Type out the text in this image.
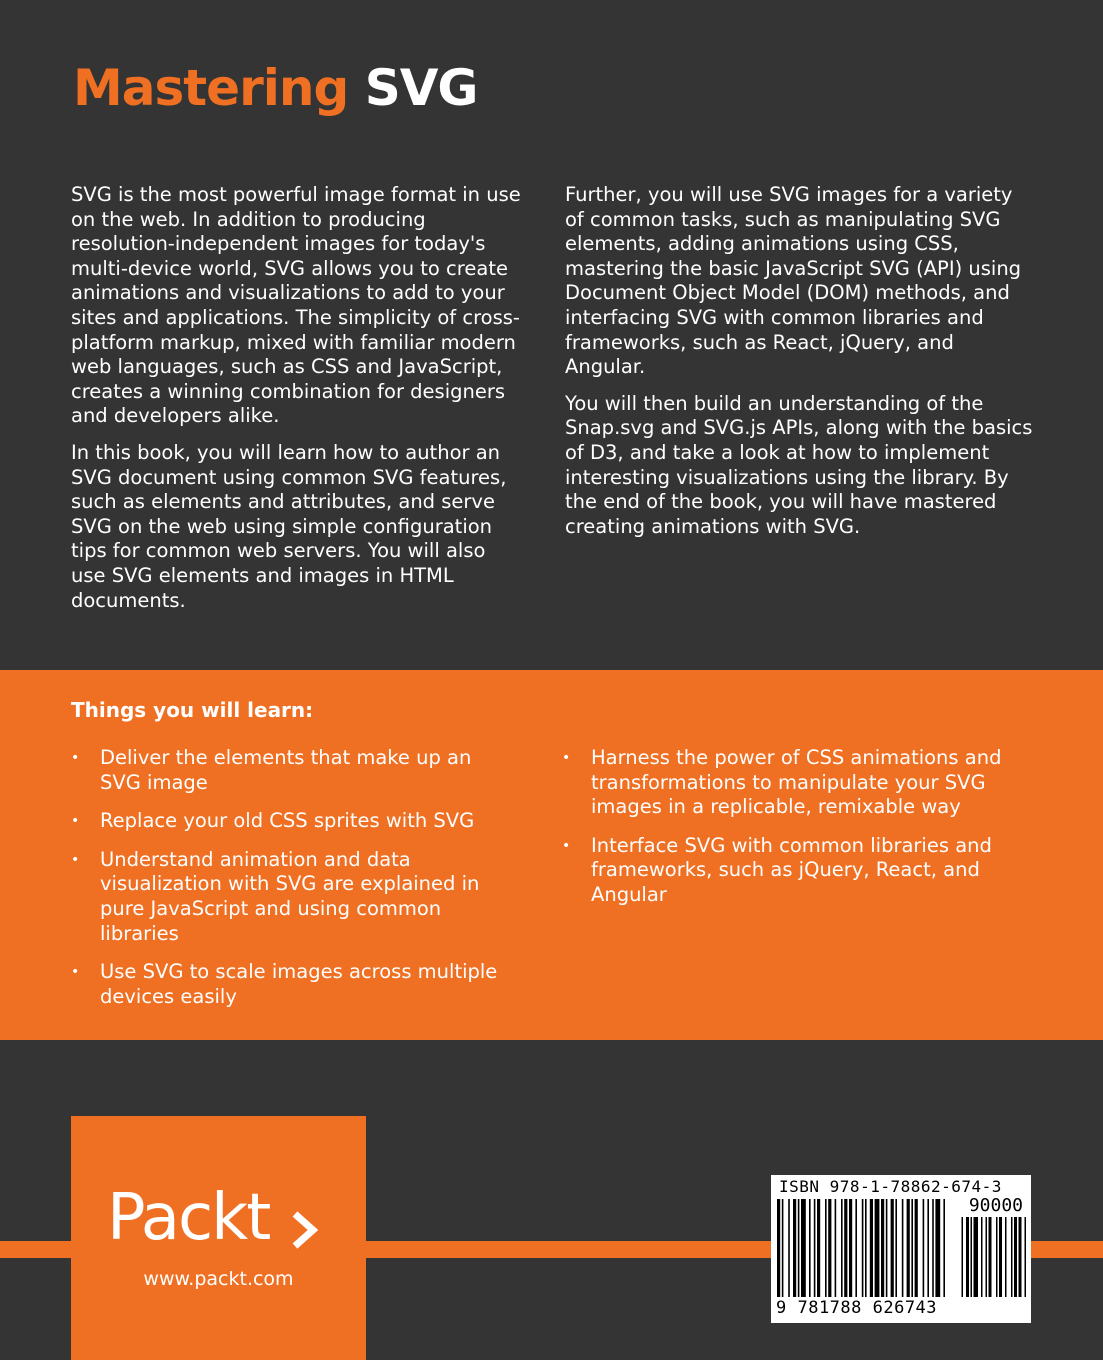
Mastering SVG

SVG is the most powerful image format in use on the web. In addition to producing resolution-independent images for today's multi-device world, SVG allows you to create animations and visualizations to add to your sites and applications. The simplicity of cross-platform markup, mixed with familiar modern web languages, such as CSS and JavaScript, creates a winning combination for designers and developers alike.

In this book, you will learn how to author an SVG document using common SVG features, such as elements and attributes, and serve SVG on the web using simple configuration tips for common web servers. You will also use SVG elements and images in HTML documents.

Further, you will use SVG images for a variety of common tasks, such as manipulating SVG elements, adding animations using CSS, mastering the basic JavaScript SVG (API) using Document Object Model (DOM) methods, and interfacing SVG with common libraries and frameworks, such as React, jQuery, and Angular.

You will then build an understanding of the Snap.svg and SVG.js APIs, along with the basics of D3, and take a look at how to implement interesting visualizations using the library. By the end of the book, you will have mastered creating animations with SVG.

Things you will learn:
• Deliver the elements that make up an SVG image
• Replace your old CSS sprites with SVG
• Understand animation and data visualization with SVG are explained in pure JavaScript and using common libraries
• Use SVG to scale images across multiple devices easily
• Harness the power of CSS animations and transformations to manipulate your SVG images in a replicable, remixable way
• Interface SVG with common libraries and frameworks, such as jQuery, React, and Angular
Packt
www.packt.com
ISBN 978-1-78862-674-3
90000
9 781788 626743
